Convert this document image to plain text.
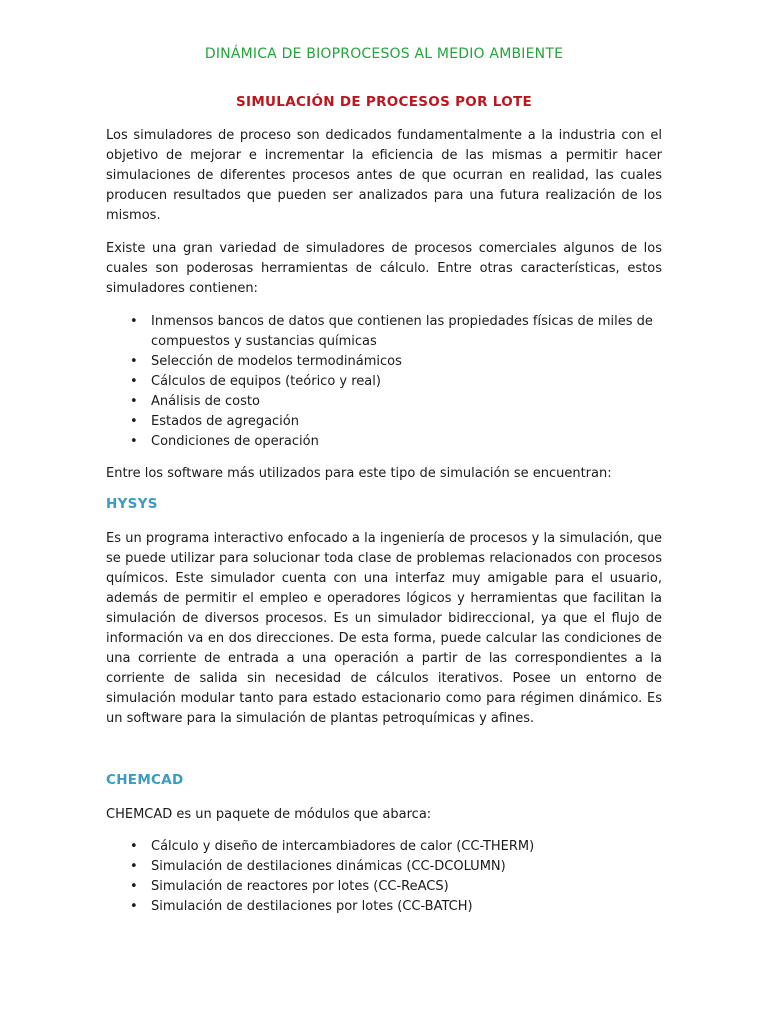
DINÁMICA DE BIOPROCESOS AL MEDIO AMBIENTE
SIMULACIÓN DE PROCESOS POR LOTE

Los simuladores de proceso son dedicados fundamentalmente a la industria con el objetivo de mejorar e incrementar la eficiencia de las mismas a permitir hacer simulaciones de diferentes procesos antes de que ocurran en realidad, las cuales producen resultados que pueden ser analizados para una futura realización de los mismos.

Existe una gran variedad de simuladores de procesos comerciales algunos de los cuales son poderosas herramientas de cálculo. Entre otras características, estos simuladores contienen:

• Inmensos bancos de datos que contienen las propiedades físicas de miles de compuestos y sustancias químicas
• Selección de modelos termodinámicos
• Cálculos de equipos (teórico y real)
• Análisis de costo
• Estados de agregación
• Condiciones de operación

Entre los software más utilizados para este tipo de simulación se encuentran:

HYSYS

Es un programa interactivo enfocado a la ingeniería de procesos y la simulación, que se puede utilizar para solucionar toda clase de problemas relacionados con procesos químicos. Este simulador cuenta con una interfaz muy amigable para el usuario, además de permitir el empleo e operadores lógicos y herramientas que facilitan la simulación de diversos procesos. Es un simulador bidireccional, ya que el flujo de información va en dos direcciones. De esta forma, puede calcular las condiciones de una corriente de entrada a una operación a partir de las correspondientes a la corriente de salida sin necesidad de cálculos iterativos. Posee un entorno de simulación modular tanto para estado estacionario como para régimen dinámico. Es un software para la simulación de plantas petroquímicas y afines.

CHEMCAD

CHEMCAD es un paquete de módulos que abarca:

• Cálculo y diseño de intercambiadores de calor (CC-THERM)
• Simulación de destilaciones dinámicas (CC-DCOLUMN)
• Simulación de reactores por lotes (CC-ReACS)
• Simulación de destilaciones por lotes (CC-BATCH)
